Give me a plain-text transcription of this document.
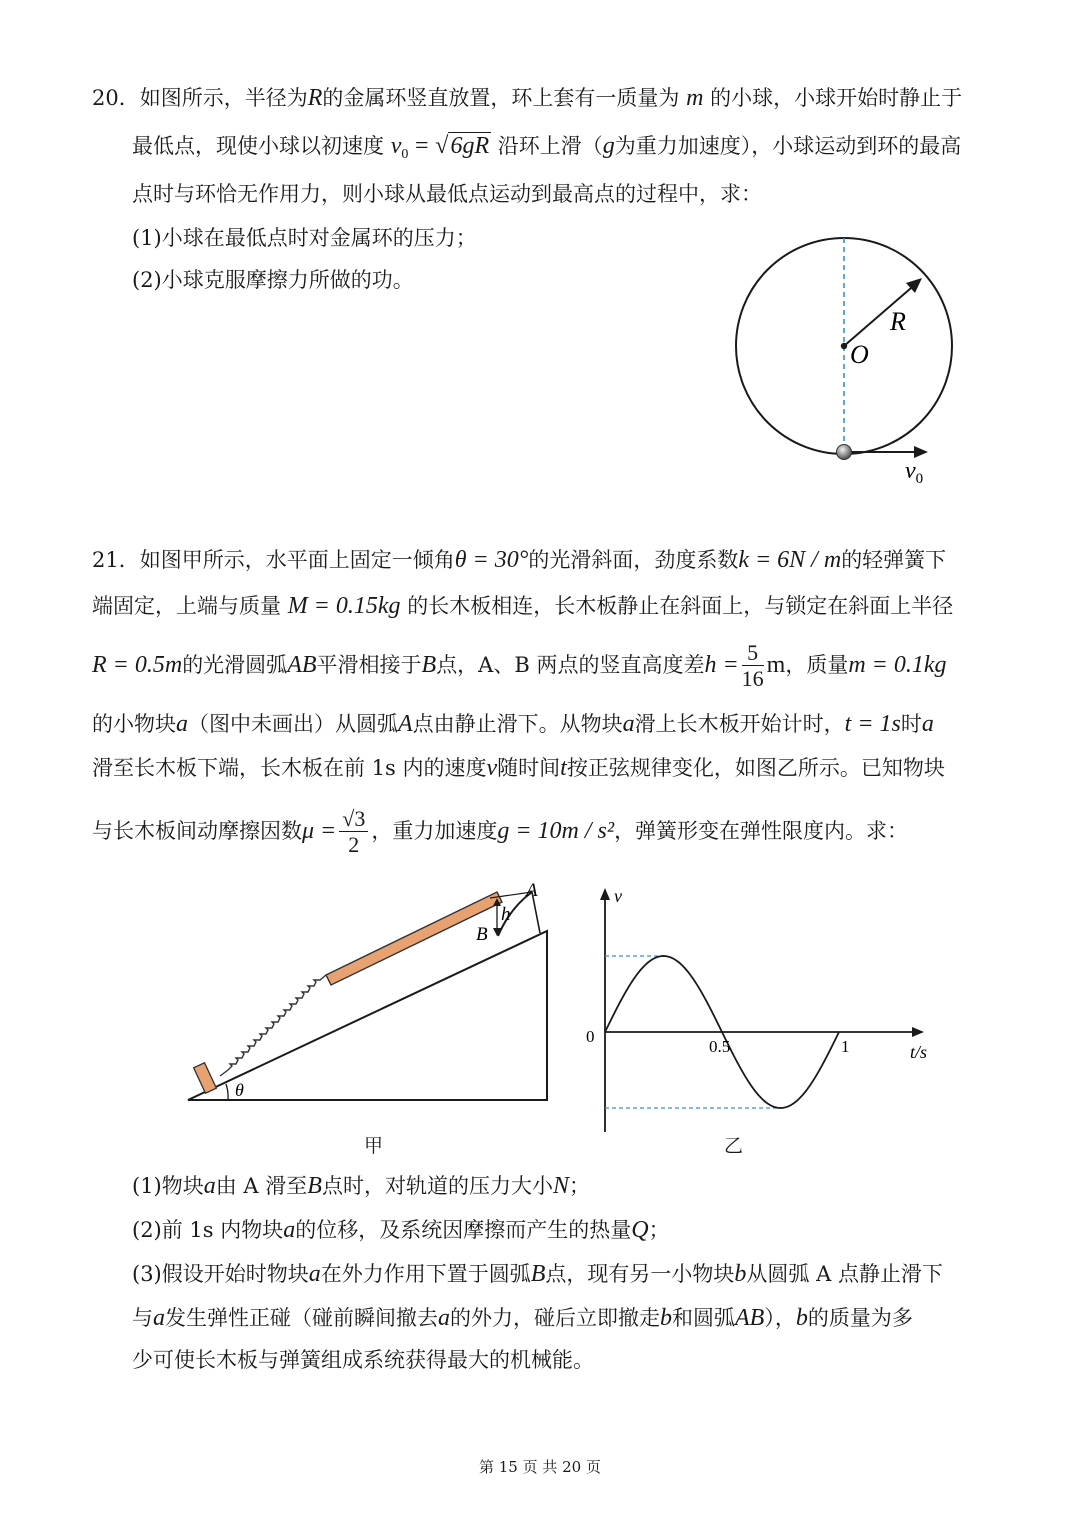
20．如图所示，半径为R的金属环竖直放置，环上套有一质量为 m 的小球，小球开始时静止于
最低点，现使小球以初速度 $v_0 = √6gR$ 沿环上滑（g为重力加速度），小球运动到环的最高
点时与环恰无作用力，则小球从最低点运动到最高点的过程中，求：
(1)小球在最低点时对金属环的压力；
(2)小球克服摩擦力所做的功。
R
O
$v_0$
21．如图甲所示，水平面上固定一倾角θ = 30°的光滑斜面，劲度系数k = 6N / m的轻弹簧下
端固定，上端与质量 M = 0.15kg 的长木板相连，长木板静止在斜面上，与锁定在斜面上半径
R = 0.5m的光滑圆弧AB平滑相接于B点，A、B 两点的竖直高度差$h = \frac{5}{16}$ m，质量m = 0.1kg
的小物块a（图中未画出）从圆弧A点由静止滑下。从物块a滑上长木板开始计时，t = 1s时a
滑至长木板下端，长木板在前 1s 内的速度v随时间t按正弦规律变化，如图乙所示。已知物块
与长木板间动摩擦因数$\mu = \frac{√3}{2}$ ，重力加速度g = 10m / s²，弹簧形变在弹性限度内。求：
A
B
h
θ
甲
v
0
0.5	1	t/s
乙
(1)物块a由 A 滑至B点时，对轨道的压力大小N；
(2)前 1s 内物块a的位移，及系统因摩擦而产生的热量Q；
(3)假设开始时物块a在外力作用下置于圆弧B点，现有另一小物块b从圆弧 A 点静止滑下
与a发生弹性正碰（碰前瞬间撤去a的外力，碰后立即撤走b和圆弧AB），b的质量为多
少可使长木板与弹簧组成系统获得最大的机械能。
第 15 页 共 20 页
